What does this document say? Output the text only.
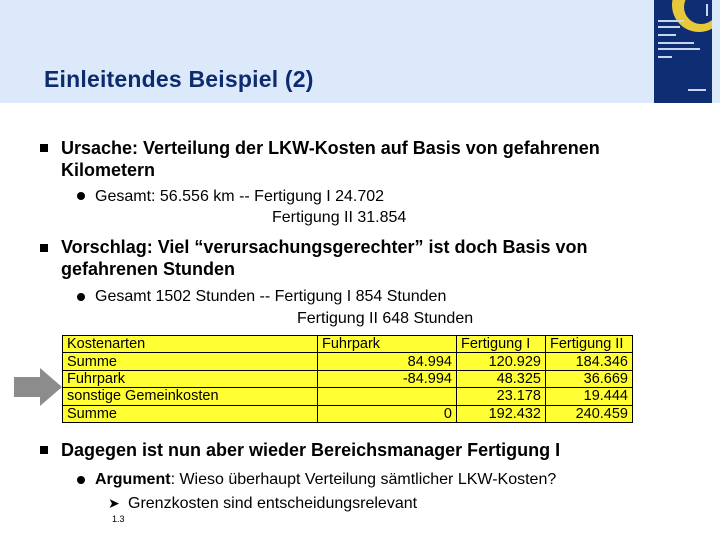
Einleitendes Beispiel (2)
Ursache: Verteilung der LKW-Kosten auf Basis von gefahrenen
Kilometern
Gesamt: 56.556 km -- Fertigung I 24.702
Fertigung II 31.854
Vorschlag: Viel “verursachungsgerechter” ist doch Basis von
gefahrenen Stunden
Gesamt 1502 Stunden -- Fertigung I 854 Stunden
Fertigung II 648 Stunden
Kostenarten	Fuhrpark	Fertigung I	Fertigung II
Summe	84.994	120.929	184.346
Fuhrpark	-84.994	48.325	36.669
sonstige Gemeinkosten		23.178	19.444
Summe	0	192.432	240.459
Dagegen ist nun aber wieder Bereichsmanager Fertigung I
Argument: Wieso überhaupt Verteilung sämtlicher LKW-Kosten?
➤ Grenzkosten sind entscheidungsrelevant
1.3
